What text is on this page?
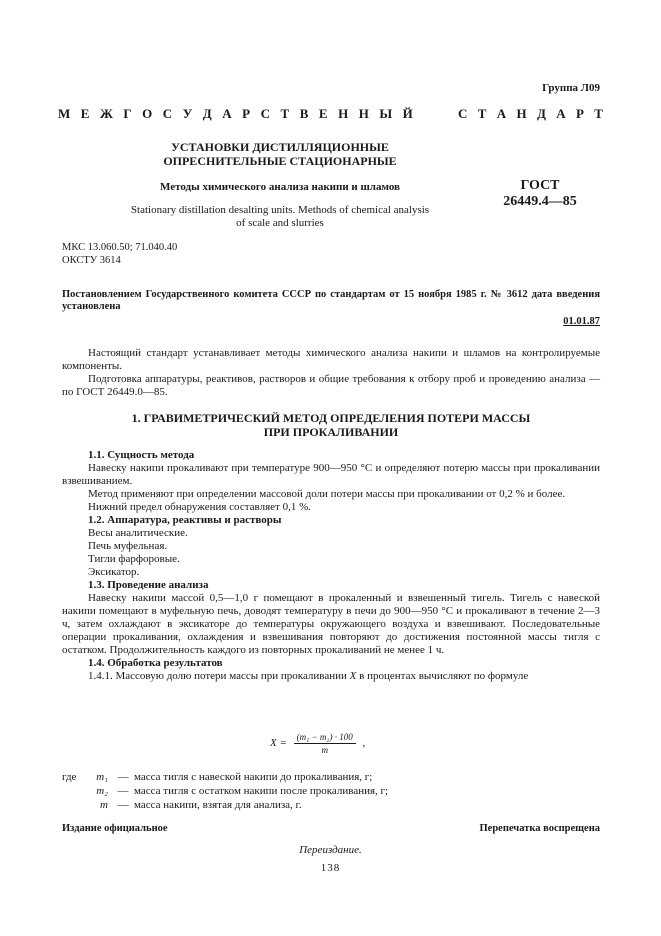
Группа Л09
М Е Ж Г О С У Д А Р С Т В Е Н Н Ы Й	С Т А Н Д А Р Т
УСТАНОВКИ ДИСТИЛЛЯЦИОННЫЕ
ОПРЕСНИТЕЛЬНЫЕ СТАЦИОНАРНЫЕ
Методы химического анализа накипи и шламов	ГОСТ
26449.4—85
Stationary distillation desalting units. Methods of chemical analysis
of scale and slurries
МКС 13.060.50; 71.040.40
ОКСТУ 3614
Постановлением Государственного комитета СССР по стандартам от 15 ноября 1985 г. № 3612 дата введения установлена
01.01.87

Настоящий стандарт устанавливает методы химического анализа накипи и шламов на контролируемые компоненты.

Подготовка аппаратуры, реактивов, растворов и общие требования к отбору проб и проведению анализа — по ГОСТ 26449.0—85.

1. ГРАВИМЕТРИЧЕСКИЙ МЕТОД ОПРЕДЕЛЕНИЯ ПОТЕРИ МАССЫ
ПРИ ПРОКАЛИВАНИИ

1.1. Сущность метода

Навеску накипи прокаливают при температуре 900—950 °С и определяют потерю массы при прокаливании взвешиванием.

Метод применяют при определении массовой доли потери массы при прокаливании от 0,2 % и более.

Нижний предел обнаружения составляет 0,1 %.

1.2. Аппаратура, реактивы и растворы

Весы аналитические.

Печь муфельная.

Тигли фарфоровые.

Эксикатор.

1.3. Проведение анализа

Навеску накипи массой 0,5—1,0 г помещают в прокаленный и взвешенный тигель. Тигель с навеской накипи помещают в муфельную печь, доводят температуру в печи до 900—950 °С и прокаливают в течение 2—3 ч, затем охлаждают в эксикаторе до температуры окружающего воздуха и взвешивают. Последовательные операции прокаливания, охлаждения и взвешивания повторяют до достижения постоянной массы тигля с остатком. Продолжительность каждого из повторных прокаливаний не менее 1 ч.

1.4. Обработка результатов

1.4.1. Массовую долю потери массы при прокаливании X в процентах вычисляют по формуле

$X = \frac{\text{(m₁ − m₂) · 100}}{m}$ ,
где	m₁ — масса тигля с навеской накипи до прокаливания, г;
m₂ — масса тигля с остатком накипи после прокаливания, г;
m — масса накипи, взятая для анализа, г.
Издание официальное	Перепечатка воспрещена
Переиздание.
138
